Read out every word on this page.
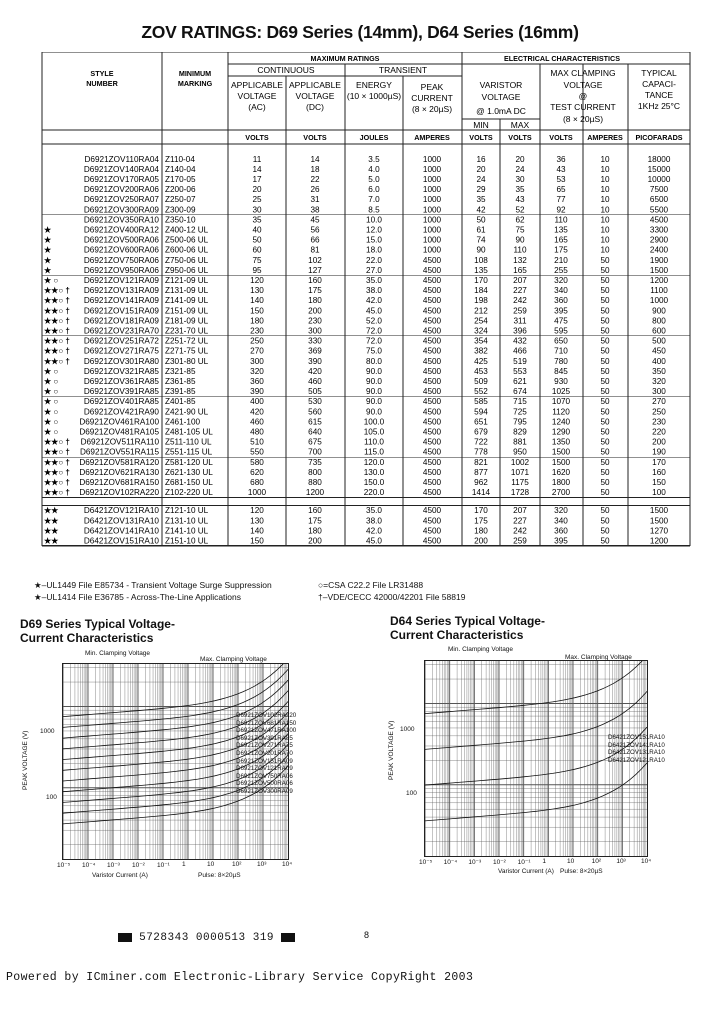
ZOV RATINGS: D69 Series (14mm), D64 Series (16mm)
STYLE
NUMBER
MINIMUM
MARKING
MAXIMUM RATINGS	ELECTRICAL CHARACTERISTICS
CONTINUOUS	TRANSIENT
APPLICABLE
VOLTAGE
(AC)
APPLICABLE
VOLTAGE
(DC)
ENERGY
(10 × 1000µS)
PEAK
CURRENT
(8 × 20µS)
VARISTOR
VOLTAGE
@ 1.0mA DC
MIN	MAX
MAX CLAMPING
VOLTAGE
@
TEST CURRENT
(8 × 20µS)
TYPICAL
CAPACI-
TANCE
1KHz 25°C
VOLTS	VOLTS	JOULES	AMPERES	VOLTS VOLTS VOLTS AMPERES PICOFARADS
D6921ZOV110RA04 Z110-04	11	14	3.5	1000	16	20	36	10	18000
D6921ZOV140RA04 Z140-04	14	18	4.0	1000	20	24	43	10	15000
D6921ZOV170RA05 Z170-05	17	22	5.0	1000	24	30	53	10	10000
D6921ZOV200RA06 Z200-06	20	26	6.0	1000	29	35	65	10	7500
D6921ZOV250RA07 Z250-07	25	31	7.0	1000	35	43	77	10	6500
D6921ZOV300RA09 Z300-09	30	38	8.5	1000	42	52	92	10	5500
D6921ZOV350RA10 Z350-10	35	45	10.0	1000	50	62	110	10	4500
★	D6921ZOV400RA12 Z400-12 UL	40	56	12.0	1000	61	75	135	10	3300
★	D6921ZOV500RA06 Z500-06 UL	50	66	15.0	1000	74	90	165	10	2900
★	D6921ZOV600RA06 Z600-06 UL	60	81	18.0	1000	90	110	175	10	2400
★	D6921ZOV750RA06 Z750-06 UL	75	102	22.0	4500	108	132	210	50	1900
★	D6921ZOV950RA06 Z950-06 UL	95	127	27.0	4500	135	165	255	50	1500
★ ○	D6921ZOV121RA09 Z121-09 UL	120	160	35.0	4500	170	207	320	50	1200
★★○ † D6921ZOV131RA09 Z131-09 UL	130	175	38.0	4500	184	227	340	50	1100
★★○ † D6921ZOV141RA09 Z141-09 UL	140	180	42.0	4500	198	242	360	50	1000
★★○ † D6921ZOV151RA09 Z151-09 UL	150	200	45.0	4500	212	259	395	50	900
★★○ † D6921ZOV181RA09 Z181-09 UL	180	230	52.0	4500	254	311	475	50	800
★★○ † D6921ZOV231RA70 Z231-70 UL	230	300	72.0	4500	324	396	595	50	600
★★○ † D6921ZOV251RA72 Z251-72 UL	250	330	72.0	4500	354	432	650	50	500
★★○ † D6921ZOV271RA75 Z271-75 UL	270	369	75.0	4500	382	466	710	50	450
★★○ † D6921ZOV301RA80 Z301-80 UL	300	390	80.0	4500	425	519	780	50	400
★ ○	D6921ZOV321RA85 Z321-85	320	420	90.0	4500	453	553	845	50	350
★ ○	D6921ZOV361RA85 Z361-85	360	460	90.0	4500	509	621	930	50	320
★ ○	D6921ZOV391RA85 Z391-85	390	505	90.0	4500	552	674	1025	50	300
★ ○	D6921ZOV401RA85 Z401-85	400	530	90.0	4500	585	715	1070	50	270
★ ○	D6921ZOV421RA90 Z421-90 UL	420	560	90.0	4500	594	725	1120	50	250
★ ○	D6921ZOV461RA100 Z461-100	460	615	100.0	4500	651	795	1240	50	230
★ ○	D6921ZOV481RA105 Z481-105 UL	480	640	105.0	4500	679	829	1290	50	220
★★○ † D6921ZOV511RA110 Z511-110 UL	510	675	110.0	4500	722	881	1350	50	200
★★○ † D6921ZOV551RA115 Z551-115 UL	550	700	115.0	4500	778	950	1500	50	190
★★○ † D6921ZOV581RA120 Z581-120 UL	580	735	120.0	4500	821	1002	1500	50	170
★★○ † D6921ZOV621RA130 Z621-130 UL	620	800	130.0	4500	877	1071	1620	50	160
★★○ † D6921ZOV681RA150 Z681-150 UL	680	880	150.0	4500	962	1175	1800	50	150
★★○ † D6921ZOV102RA220 Z102-220 UL	1000	1200	220.0	4500	1414	1728	2700	50	100
★★	D6421ZOV121RA10 Z121-10 UL	120	160	35.0	4500	170	207	320	50	1500
★★	D6421ZOV131RA10 Z131-10 UL	130	175	38.0	4500	175	227	340	50	1500
★★	D6421ZOV141RA10 Z141-10 UL	140	180	42.0	4500	180	242	360	50	1270
★★	D6421ZOV151RA10 Z151-10 UL	150	200	45.0	4500	200	259	395	50	1200
★–UL1449 File E85734 - Transient Voltage Surge Suppression
★–UL1414 File E36785 - Across-The-Line Applications
○=CSA C22.2 File LR31488
†–VDE/CECC 42000/42201 File 58819
D69 Series Typical Voltage-
Current Characteristics
Min. Clamping Voltage
Max. Clamping Voltage
PEAK VOLTAGE (V) 1000
100
D6921ZOV102RA220
D6921ZOV681RA150
D6921ZOV471RA100
D6921ZOV391RA85
D6921ZOV271RA75
D6921ZOV201RA70
D6921ZOV151RA09
D6921ZOV121RA09
D6921ZOV750RA06
D6921ZOV500RA06
D6921ZOV300RA09
10⁻⁵ 10⁻⁴ 10⁻³ 10⁻² 10⁻¹ 1	10	10² 10³ 10⁴
Varistor Current (A)	Pulse: 8×20µS
D64 Series Typical Voltage-
Current Characteristics
Min. Clamping Voltage
Max. Clamping Voltage
PEAK VOLTAGE (V) 1000
100
D6421ZOV151RA10
D6421ZOV141RA10
D6421ZOV131RA10
D6421ZOV121RA10
10⁻⁵ 10⁻⁴ 10⁻³ 10⁻² 10⁻¹ 1	10	10² 10³ 10⁴
Varistor Current (A) Pulse: 8×20µS
5728343 0000513 319	8
Powered by ICminer.com Electronic-Library Service CopyRight 2003
